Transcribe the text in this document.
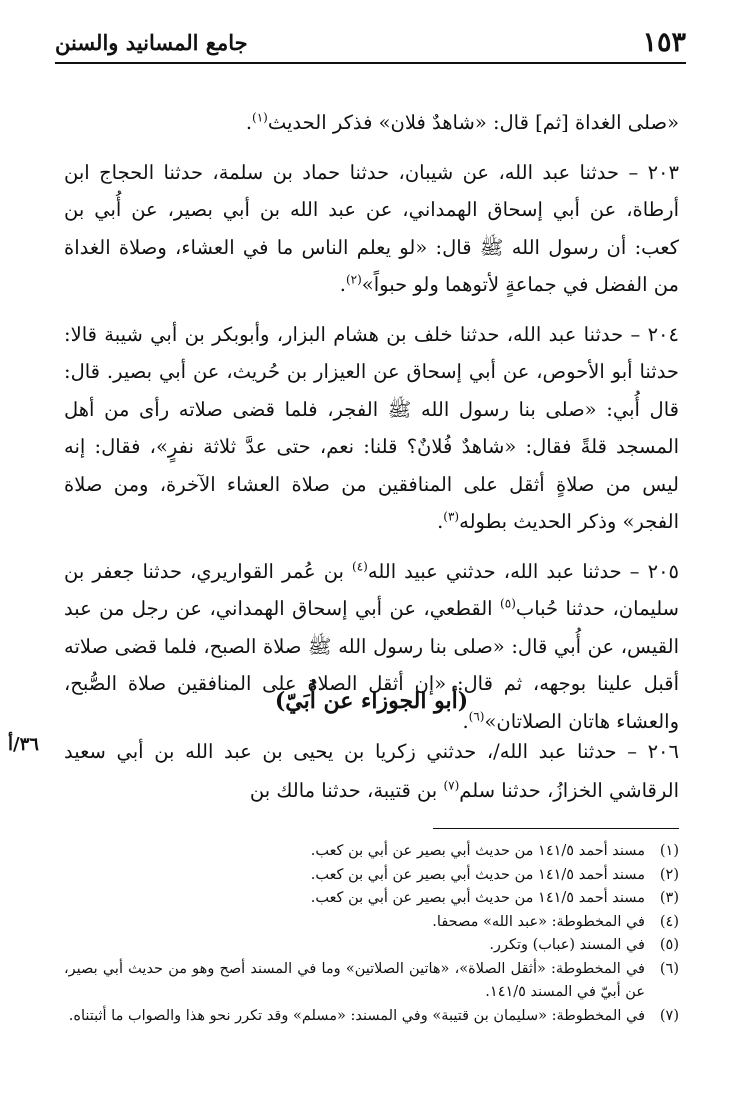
١٥٣
جامع المسانيد والسنن

«صلى الغداة [ثم] قال: «شاهدٌ فلان» فذكر الحديث$^{(١)}$.

٢٠٣ – حدثنا عبد الله، عن شيبان، حدثنا حماد بن سلمة، حدثنا الحجاج ابن أرطاة، عن أبي إسحاق الهمداني، عن عبد الله بن أبي بصير، عن أُبي بن كعب: أن رسول الله ﷺ قال: «لو يعلم الناس ما في العشاء، وصلاة الغداة من الفضل في جماعةٍ لأتوهما ولو حبواً»$^{(٢)}$.

٢٠٤ – حدثنا عبد الله، حدثنا خلف بن هشام البزار، وأبوبكر بن أبي شيبة قالا: حدثنا أبو الأحوص، عن أبي إسحاق عن العيزار بن حُريث، عن أبي بصير. قال: قال أُبي: «صلى بنا رسول الله ﷺ الفجر، فلما قضى صلاته رأى من أهل المسجد قلةً فقال: «شاهدٌ فُلانٌ؟ قلنا: نعم، حتى عدَّ ثلاثة نفرٍ»، فقال: إنه ليس من صلاةٍ أثقل على المنافقين من صلاة العشاء الآخرة، ومن صلاة الفجر» وذكر الحديث بطوله$^{(٣)}$.

٢٠٥ – حدثنا عبد الله، حدثني عبيد الله$^{(٤)}$ بن عُمر القواريري، حدثنا جعفر بن سليمان، حدثنا حُباب$^{(٥)}$ القطعي، عن أبي إسحاق الهمداني، عن رجل من عبد القيس، عن أُبي قال: «صلى بنا رسول الله ﷺ صلاة الصبح، فلما قضى صلاته أقبل علينا بوجهه، ثم قال: «إن أثقل الصلاة على المنافقين صلاة الصُّبح، والعشاء هاتان الصلاتان»$^{(٦)}$.

(أبو الجوزاء عن أُبَيّ)

٢٠٦ – حدثنا عبد الله/، حدثني زكريا بن يحيى بن عبد الله بن أبي سعيد الرقاشي الخزازُ، حدثنا سلم$^{(٧)}$ بن قتيبة، حدثنا مالك بن

٣٦/أ
(١)
مسند أحمد ١٤١/٥ من حديث أبي بصير عن أبي بن كعب.
(٢)
مسند أحمد ١٤١/٥ من حديث أبي بصير عن أبي بن كعب.
(٣)
مسند أحمد ١٤١/٥ من حديث أبي بصير عن أبي بن كعب.
(٤)
في المخطوطة: «عبد الله» مصحفا.
(٥)
في المسند (عباب) وتكرر.
(٦)
في المخطوطة: «أثقل الصلاة»، «هاتين الصلاتين» وما في المسند أصح وهو من حديث أبي بصير، عن أبيّ في المسند ١٤١/٥.
(٧)
في المخطوطة: «سليمان بن قتيبة» وفي المسند: «مسلم» وقد تكرر نحو هذا والصواب ما أثبتناه.
